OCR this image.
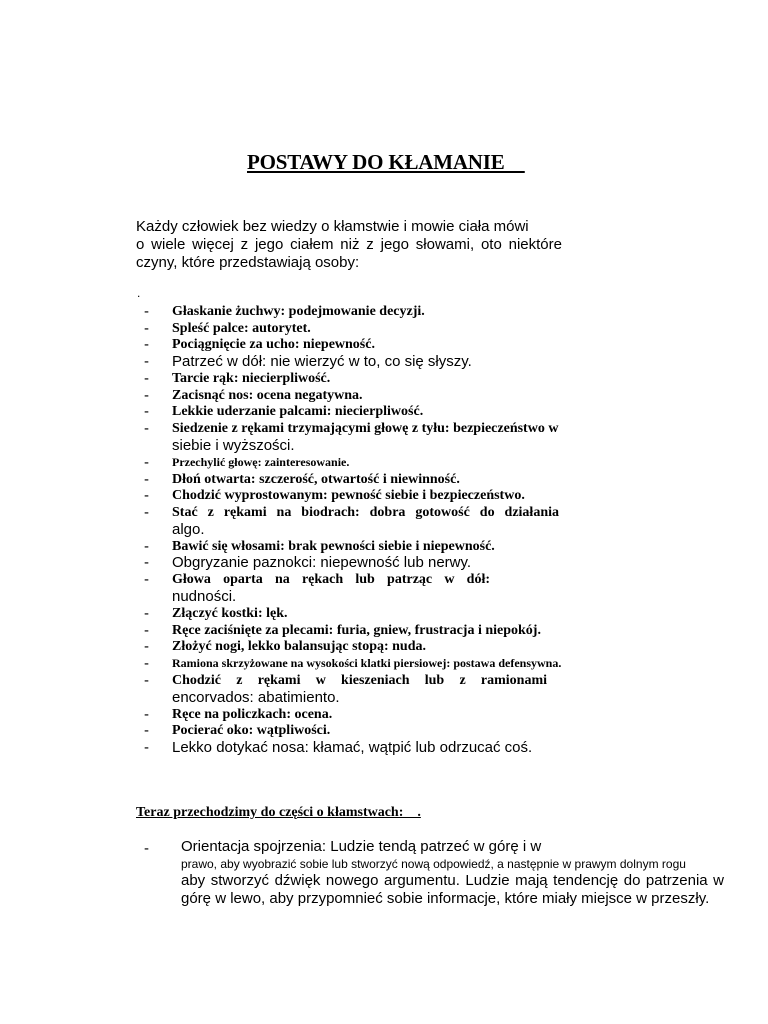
POSTAWY DO KŁAMANIE
Każdy człowiek bez wiedzy o kłamstwie i mowie ciała mówi
o wiele więcej z jego ciałem niż z jego słowami, oto niektóre
czyny, które przedstawiają osoby:
.
- Głaskanie żuchwy: podejmowanie decyzji.
- Spleść palce: autorytet.
- Pociągnięcie za ucho: niepewność.
- Patrzeć w dół: nie wierzyć w to, co się słyszy.
- Tarcie rąk: niecierpliwość.
- Zacisnąć nos: ocena negatywna.
- Lekkie uderzanie palcami: niecierpliwość.
- Siedzenie z rękami trzymającymi głowę z tyłu: bezpieczeństwo w
siebie i wyższości.
- Przechylić głowę: zainteresowanie.
- Dłoń otwarta: szczerość, otwartość i niewinność.
- Chodzić wyprostowanym: pewność siebie i bezpieczeństwo.
- Stać z rękami na biodrach: dobra gotowość do działania
algo.
- Bawić się włosami: brak pewności siebie i niepewność.
- Obgryzanie paznokci: niepewność lub nerwy.
- Głowa oparta na rękach lub patrząc w dół:
nudności.
- Złączyć kostki: lęk.
- Ręce zaciśnięte za plecami: furia, gniew, frustracja i niepokój.
- Złożyć nogi, lekko balansując stopą: nuda.
- Ramiona skrzyżowane na wysokości klatki piersiowej: postawa defensywna.
- Chodzić z rękami w kieszeniach lub z ramionami
encorvados: abatimiento.
- Ręce na policzkach: ocena.
- Pocierać oko: wątpliwości.
- Lekko dotykać nosa: kłamać, wątpić lub odrzucać coś.
Teraz przechodzimy do części o kłamstwach:    .
- Orientacja spojrzenia: Ludzie tendą patrzeć w górę i w
prawo, aby wyobrazić sobie lub stworzyć nową odpowiedź, a następnie w prawym dolnym rogu
aby stworzyć dźwięk nowego argumentu. Ludzie mają tendencję do patrzenia w górę w lewo, aby przypomnieć sobie informacje, które miały miejsce w przeszły.
